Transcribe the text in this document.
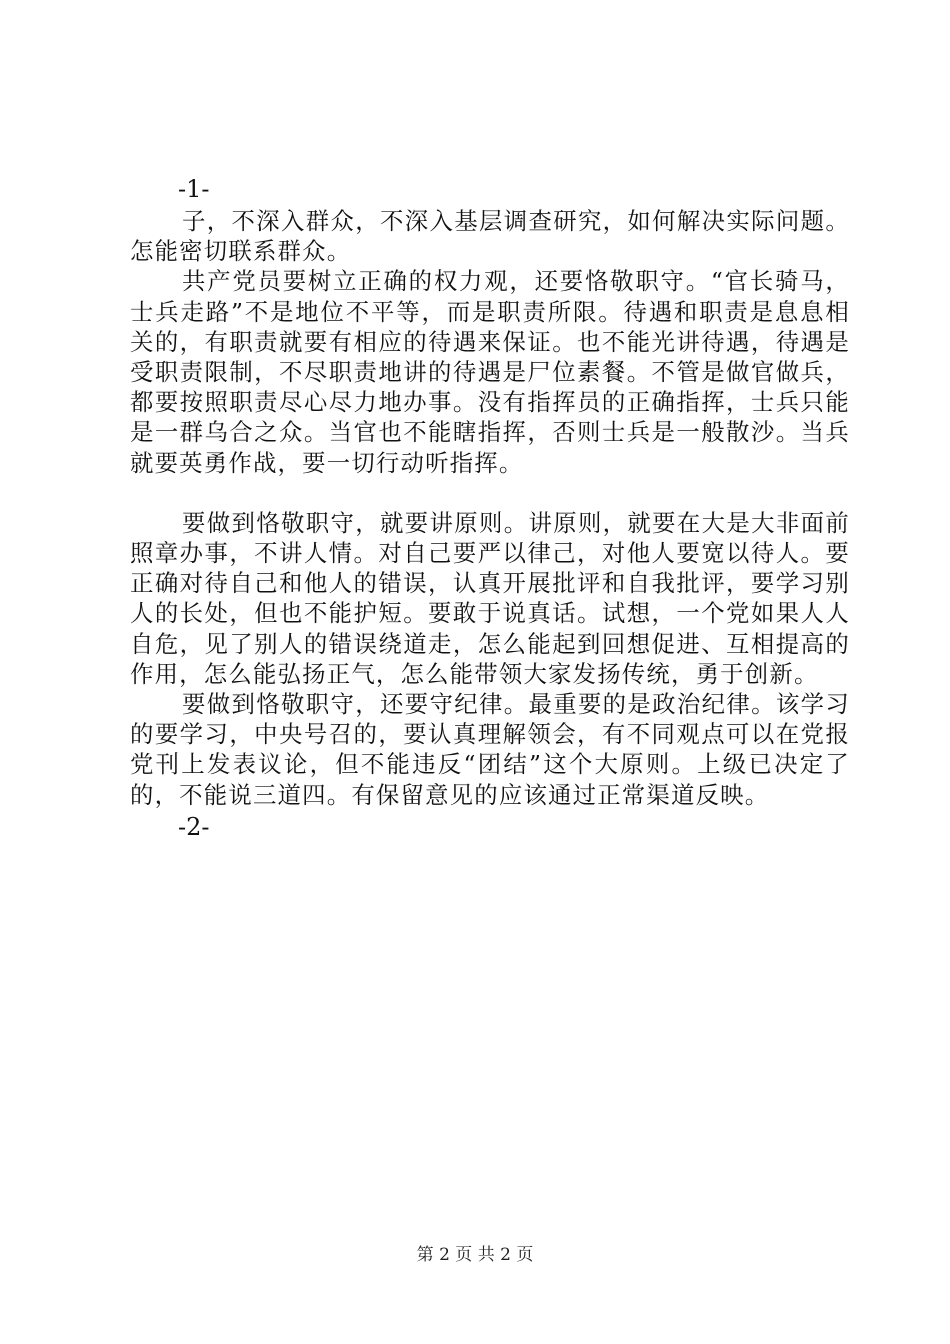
-1-

子，不深入群众，不深入基层调查研究，如何解决实际问题。怎能密切联系群众。

共产党员要树立正确的权力观，还要恪敬职守。“官长骑马，士兵走路”不是地位不平等，而是职责所限。待遇和职责是息息相关的，有职责就要有相应的待遇来保证。也不能光讲待遇，待遇是受职责限制，不尽职责地讲的待遇是尸位素餐。不管是做官做兵，都要按照职责尽心尽力地办事。没有指挥员的正确指挥，士兵只能是一群乌合之众。当官也不能瞎指挥，否则士兵是一般散沙。当兵就要英勇作战，要一切行动听指挥。

要做到恪敬职守，就要讲原则。讲原则，就要在大是大非面前照章办事，不讲人情。对自己要严以律己，对他人要宽以待人。要正确对待自己和他人的错误，认真开展批评和自我批评，要学习别人的长处，但也不能护短。要敢于说真话。试想，一个党如果人人自危，见了别人的错误绕道走，怎么能起到回想促进、互相提高的作用，怎么能弘扬正气，怎么能带领大家发扬传统，勇于创新。

要做到恪敬职守，还要守纪律。最重要的是政治纪律。该学习的要学习，中央号召的，要认真理解领会，有不同观点可以在党报党刊上发表议论，但不能违反“团结”这个大原则。上级已决定了的，不能说三道四。有保留意见的应该通过正常渠道反映。

-2-
第 2 页 共 2 页
